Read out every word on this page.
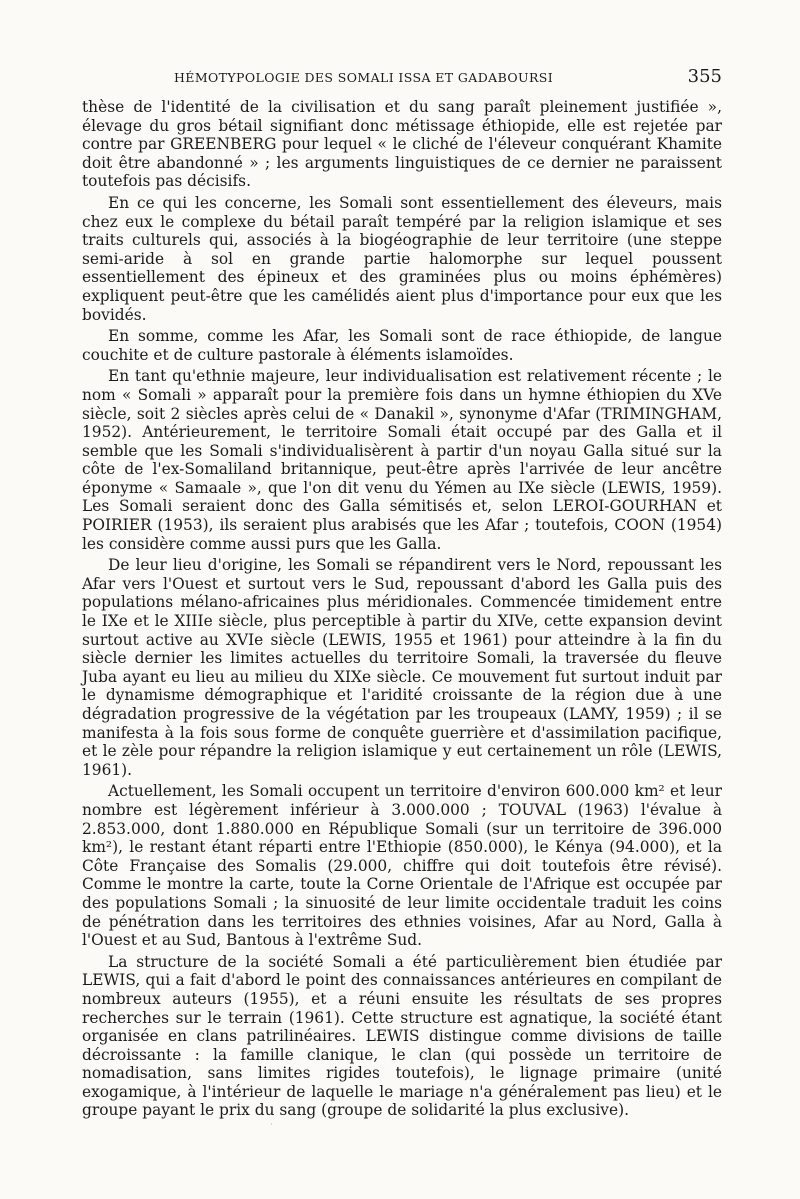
HÉMOTYPOLOGIE DES SOMALI ISSA ET GADABOURSI	355

thèse de l'identité de la civilisation et du sang paraît pleinement justifiée », élevage du gros bétail signifiant donc métissage éthiopide, elle est rejetée par contre par GREENBERG pour lequel « le cliché de l'éleveur conquérant Khamite doit être abandonné » ; les arguments linguistiques de ce dernier ne paraissent toutefois pas décisifs.

En ce qui les concerne, les Somali sont essentiellement des éleveurs, mais chez eux le complexe du bétail paraît tempéré par la religion islamique et ses traits culturels qui, associés à la biogéographie de leur territoire (une steppe semi-aride à sol en grande partie halomorphe sur lequel poussent essentiellement des épineux et des graminées plus ou moins éphémères) expliquent peut-être que les camélidés aient plus d'importance pour eux que les bovidés.

En somme, comme les Afar, les Somali sont de race éthiopide, de langue couchite et de culture pastorale à éléments islamoïdes.

En tant qu'ethnie majeure, leur individualisation est relativement récente ; le nom « Somali » apparaît pour la première fois dans un hymne éthiopien du XVe siècle, soit 2 siècles après celui de « Danakil », synonyme d'Afar (TRIMINGHAM, 1952). Antérieurement, le territoire Somali était occupé par des Galla et il semble que les Somali s'individualisèrent à partir d'un noyau Galla situé sur la côte de l'ex-Somaliland britannique, peut-être après l'arrivée de leur ancêtre éponyme « Samaale », que l'on dit venu du Yémen au IXe siècle (LEWIS, 1959). Les Somali seraient donc des Galla sémitisés et, selon LEROI-GOURHAN et POIRIER (1953), ils seraient plus arabisés que les Afar ; toutefois, COON (1954) les considère comme aussi purs que les Galla.

De leur lieu d'origine, les Somali se répandirent vers le Nord, repoussant les Afar vers l'Ouest et surtout vers le Sud, repoussant d'abord les Galla puis des populations mélano-africaines plus méridionales. Commencée timidement entre le IXe et le XIIIe siècle, plus perceptible à partir du XIVe, cette expansion devint surtout active au XVIe siècle (LEWIS, 1955 et 1961) pour atteindre à la fin du siècle dernier les limites actuelles du territoire Somali, la traversée du fleuve Juba ayant eu lieu au milieu du XIXe siècle. Ce mouvement fut surtout induit par le dynamisme démographique et l'aridité croissante de la région due à une dégradation progressive de la végétation par les troupeaux (LAMY, 1959) ; il se manifesta à la fois sous forme de conquête guerrière et d'assimilation pacifique, et le zèle pour répandre la religion islamique y eut certainement un rôle (LEWIS, 1961).

Actuellement, les Somali occupent un territoire d'environ 600.000 km² et leur nombre est légèrement inférieur à 3.000.000 ; TOUVAL (1963) l'évalue à 2.853.000, dont 1.880.000 en République Somali (sur un territoire de 396.000 km²), le restant étant réparti entre l'Ethiopie (850.000), le Kénya (94.000), et la Côte Française des Somalis (29.000, chiffre qui doit toutefois être révisé). Comme le montre la carte, toute la Corne Orientale de l'Afrique est occupée par des populations Somali ; la sinuosité de leur limite occidentale traduit les coins de pénétration dans les territoires des ethnies voisines, Afar au Nord, Galla à l'Ouest et au Sud, Bantous à l'extrême Sud.

La structure de la société Somali a été particulièrement bien étudiée par LEWIS, qui a fait d'abord le point des connaissances antérieures en compilant de nombreux auteurs (1955), et a réuni ensuite les résultats de ses propres recherches sur le terrain (1961). Cette structure est agnatique, la société étant organisée en clans patrilinéaires. LEWIS distingue comme divisions de taille décroissante : la famille clanique, le clan (qui possède un territoire de nomadisation, sans limites rigides toutefois), le lignage primaire (unité exogamique, à l'intérieur de laquelle le mariage n'a généralement pas lieu) et le groupe payant le prix du sang (groupe de solidarité la plus exclusive).

·
